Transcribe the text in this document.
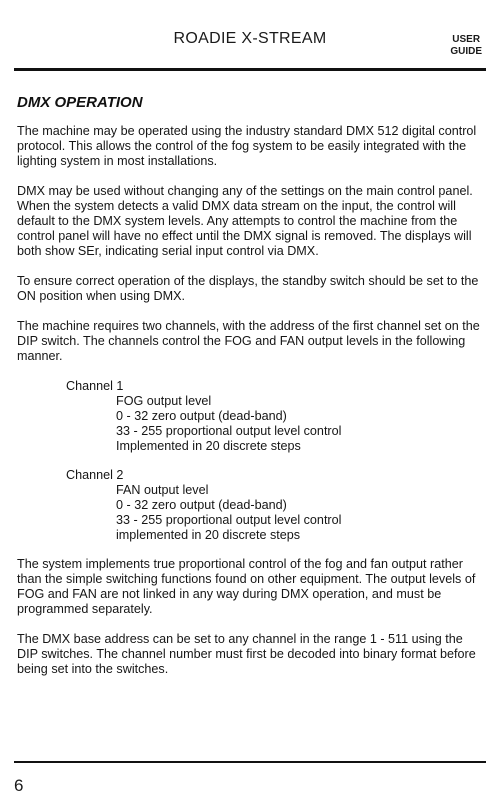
ROADIE X-STREAM	USER
GUIDE
DMX OPERATION

The machine may be operated using the industry standard DMX 512 digital control protocol. This allows the control of the fog system to be easily integrated with the lighting system in most installations.

DMX may be used without changing any of the settings on the main control panel. When the system detects a valid DMX data stream on the input, the control will default to the DMX system levels. Any attempts to control the machine from the control panel will have no effect until the DMX signal is removed. The displays will both show SEr, indicating serial input control via DMX.

To ensure correct operation of the displays, the standby switch should be set to the ON position when using DMX.

The machine requires two channels, with the address of the first channel set on the DIP switch. The channels control the FOG and FAN output levels in the following manner.

Channel 1
FOG output level
0 - 32 zero output (dead-band)
33 - 255 proportional output level control
Implemented in 20 discrete steps
Channel 2
FAN output level
0 - 32 zero output (dead-band)
33 - 255 proportional output level control
implemented in 20 discrete steps

The system implements true proportional control of the fog and fan output rather than the simple switching functions found on other equipment. The output levels of FOG and FAN are not linked in any way during DMX operation, and must be programmed separately.

The DMX base address can be set to any channel in the range 1 - 511 using the DIP switches. The channel number must first be decoded into binary format before being set into the switches.

6
